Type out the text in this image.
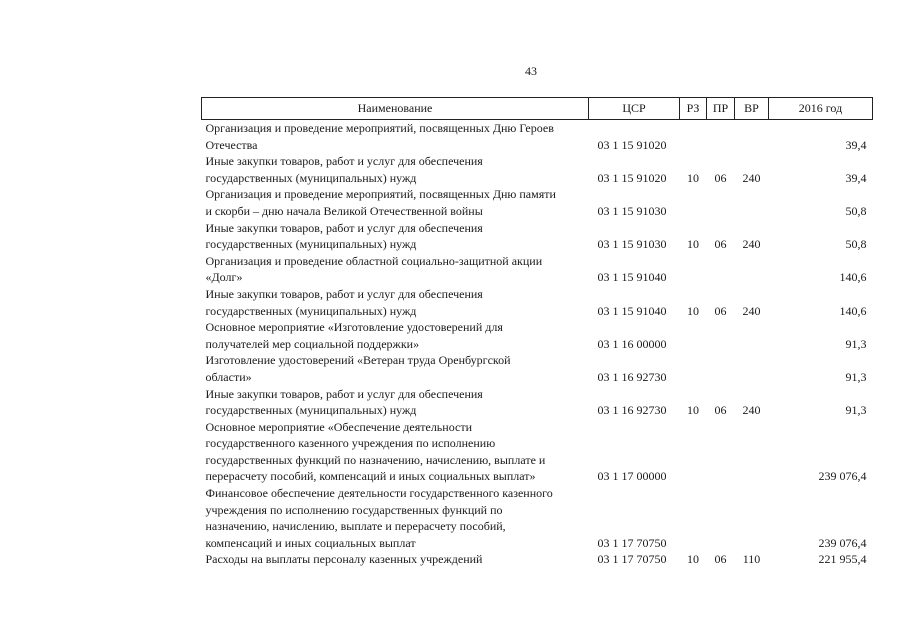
43
Наименование	ЦСР	РЗ	ПР	ВР	2016 год

Организация и проведение мероприятий, посвященных Дню Героев
Отечества	03 1 15 91020				39,4

Иные закупки товаров, работ и услуг для обеспечения
государственных (муниципальных) нужд	03 1 15 91020	10	06	240	39,4

Организация и проведение мероприятий, посвященных Дню памяти
и скорби – дню начала Великой Отечественной войны	03 1 15 91030				50,8

Иные закупки товаров, работ и услуг для обеспечения
государственных (муниципальных) нужд	03 1 15 91030	10	06	240	50,8

Организация и проведение областной социально-защитной акции
«Долг»	03 1 15 91040				140,6

Иные закупки товаров, работ и услуг для обеспечения
государственных (муниципальных) нужд	03 1 15 91040	10	06	240	140,6

Основное мероприятие «Изготовление удостоверений для
получателей мер социальной поддержки»	03 1 16 00000				91,3

Изготовление удостоверений «Ветеран труда Оренбургской
области»	03 1 16 92730				91,3

Иные закупки товаров, работ и услуг для обеспечения
государственных (муниципальных) нужд	03 1 16 92730	10	06	240	91,3

Основное мероприятие «Обеспечение деятельности
государственного казенного учреждения по исполнению
государственных функций по назначению, начислению, выплате и
перерасчету пособий, компенсаций и иных социальных выплат»	03 1 17 00000				239 076,4

Финансовое обеспечение деятельности государственного казенного
учреждения по исполнению государственных функций по
назначению, начислению, выплате и перерасчету пособий,
компенсаций и иных социальных выплат	03 1 17 70750				239 076,4

Расходы на выплаты персоналу казенных учреждений	03 1 17 70750	10	06	110	221 955,4
